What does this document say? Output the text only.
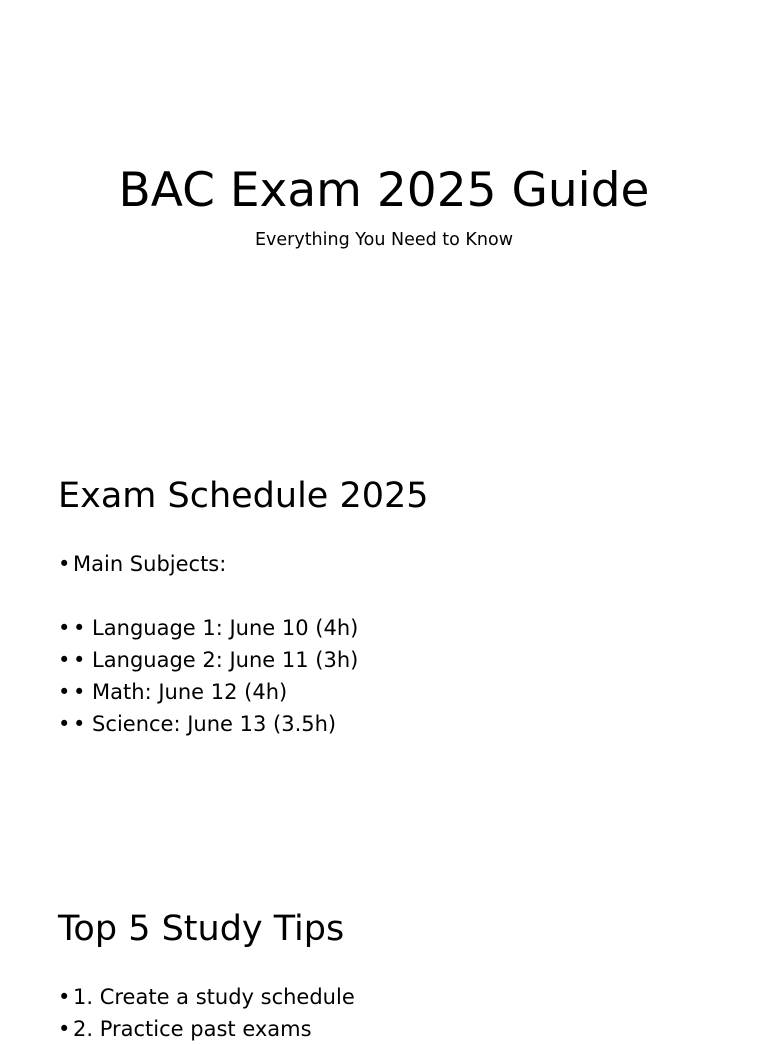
BAC Exam 2025 Guide
Everything You Need to Know
Exam Schedule 2025
• Main Subjects:
• • Language 1: June 10 (4h)
• • Language 2: June 11 (3h)
• • Math: June 12 (4h)
• • Science: June 13 (3.5h)
Top 5 Study Tips
• 1. Create a study schedule
• 2. Practice past exams
